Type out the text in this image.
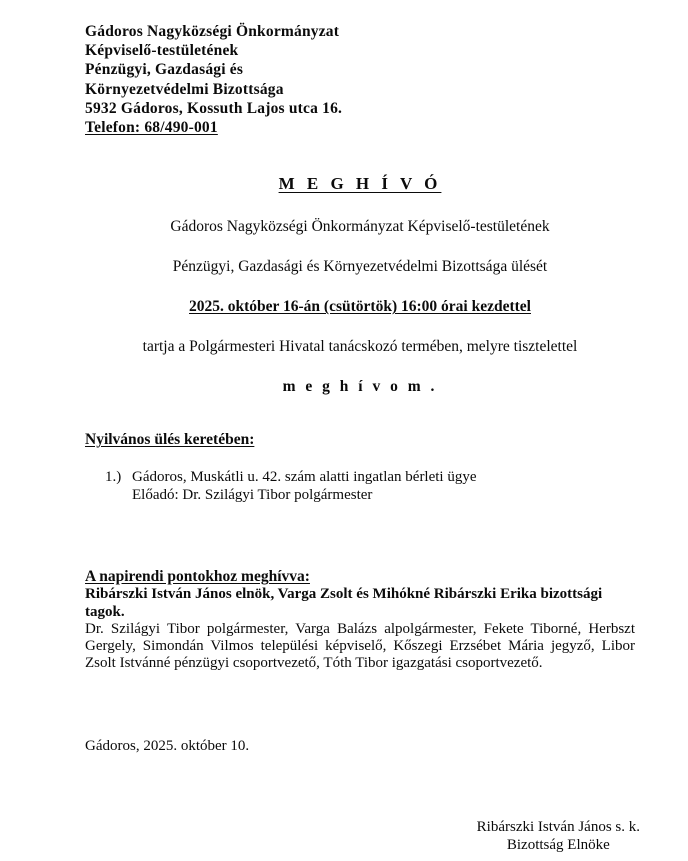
Gádoros Nagyközségi Önkormányzat
Képviselő-testületének
Pénzügyi, Gazdasági és
Környezetvédelmi Bizottsága
5932 Gádoros, Kossuth Lajos utca 16.
Telefon: 68/490-001
M E G H Í V Ó

Gádoros Nagyközségi Önkormányzat Képviselő-testületének

Pénzügyi, Gazdasági és Környezetvédelmi Bizottsága ülését

2025. október 16-án (csütörtök) 16:00 órai kezdettel

tartja a Polgármesteri Hivatal tanácskozó termében, melyre tisztelettel

m e g h í v o m .

Nyilvános ülés keretében:
1.) Gádoros, Muskátli u. 42. szám alatti ingatlan bérleti ügye
Előadó: Dr. Szilágyi Tibor polgármester
A napirendi pontokhoz meghívva:
Ribárszki István János elnök, Varga Zsolt és Mihókné Ribárszki Erika bizottsági tagok.
Dr. Szilágyi Tibor polgármester, Varga Balázs alpolgármester, Fekete Tiborné, Herbszt Gergely, Simondán Vilmos települési képviselő, Kőszegi Erzsébet Mária jegyző, Libor Zsolt Istvánné pénzügyi csoportvezető, Tóth Tibor igazgatási csoportvezető.
Gádoros, 2025. október 10.
Ribárszki István János s. k.
Bizottság Elnöke
